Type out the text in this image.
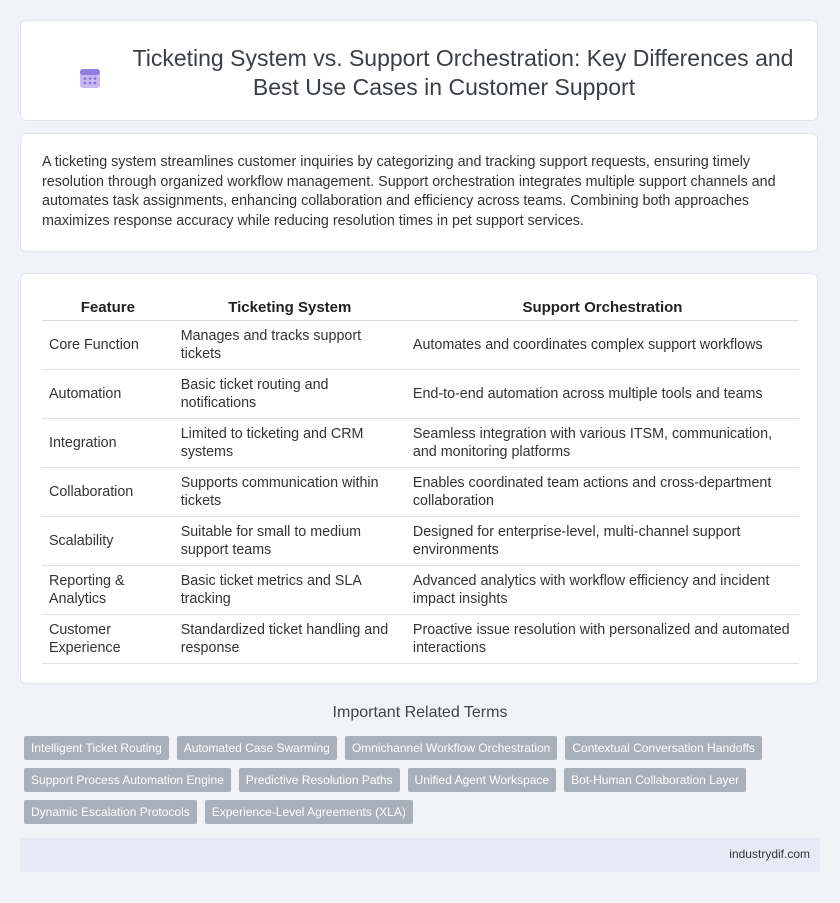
Ticketing System vs. Support Orchestration: Key Differences and Best Use Cases in Customer Support
A ticketing system streamlines customer inquiries by categorizing and tracking support requests, ensuring timely resolution through organized workflow management. Support orchestration integrates multiple support channels and automates task assignments, enhancing collaboration and efficiency across teams. Combining both approaches maximizes response accuracy while reducing resolution times in pet support services.
Feature	Ticketing System	Support Orchestration
Core Function	Manages and tracks support tickets	Automates and coordinates complex support workflows
Automation	Basic ticket routing and notifications	End-to-end automation across multiple tools and teams
Integration	Limited to ticketing and CRM systems	Seamless integration with various ITSM, communication, and monitoring platforms
Collaboration	Supports communication within tickets	Enables coordinated team actions and cross-department collaboration
Scalability	Suitable for small to medium support teams	Designed for enterprise-level, multi-channel support environments
Reporting & Analytics	Basic ticket metrics and SLA tracking	Advanced analytics with workflow efficiency and incident impact insights
Customer Experience	Standardized ticket handling and response	Proactive issue resolution with personalized and automated interactions
Important Related Terms
Intelligent Ticket Routing	Automated Case Swarming	Omnichannel Workflow Orchestration	Contextual Conversation Handoffs
Support Process Automation Engine	Predictive Resolution Paths	Unified Agent Workspace	Bot-Human Collaboration Layer
Dynamic Escalation Protocols	Experience-Level Agreements (XLA)
industrydif.com
